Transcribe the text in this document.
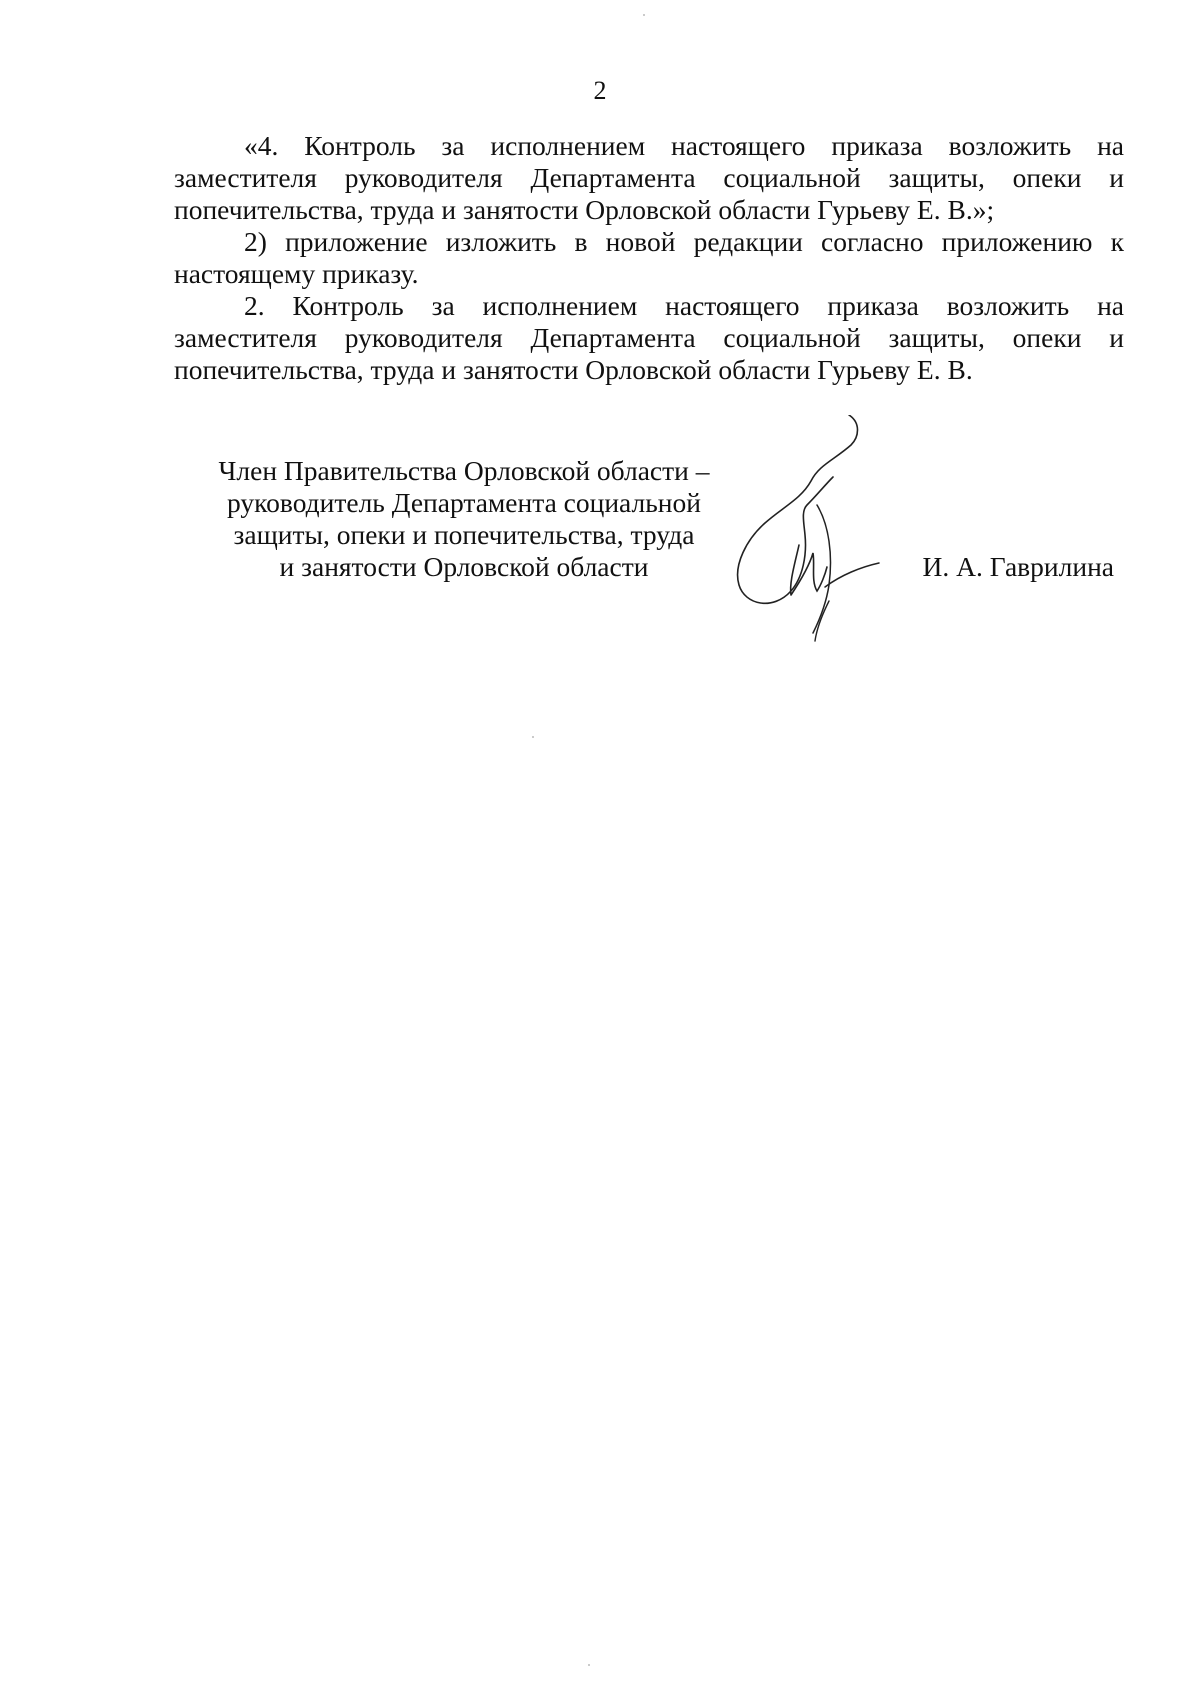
2

«4. Контроль за исполнением настоящего приказа возложить на заместителя руководителя Департамента социальной защиты, опеки и попечительства, труда и занятости Орловской области Гурьеву Е. В.»;

2) приложение изложить в новой редакции согласно приложению к настоящему приказу.

2. Контроль за исполнением настоящего приказа возложить на заместителя руководителя Департамента социальной защиты, опеки и попечительства, труда и занятости Орловской области Гурьеву Е. В.

Член Правительства Орловской области –
руководитель Департамента социальной
защиты, опеки и попечительства, труда
и занятости Орловской области	И. А. Гаврилина
